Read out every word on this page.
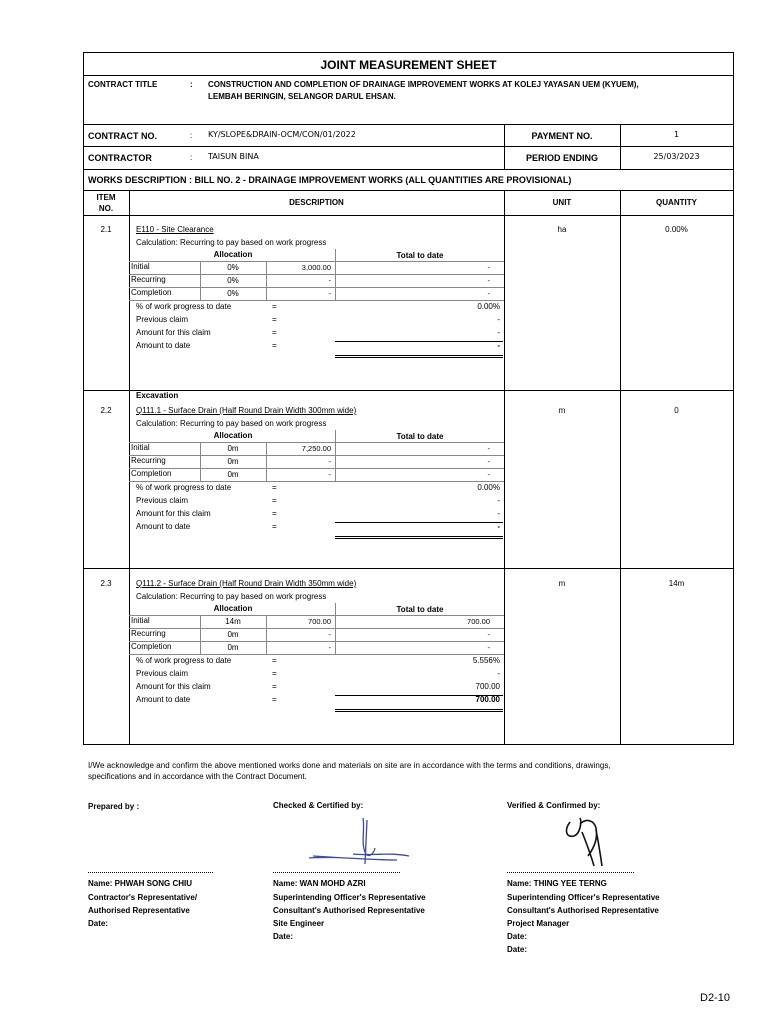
JOINT MEASUREMENT SHEET
CONTRACT TITLE	: CONSTRUCTION AND COMPLETION OF DRAINAGE IMPROVEMENT WORKS AT KOLEJ YAYASAN UEM (KYUEM),
LEMBAH BERINGIN, SELANGOR DARUL EHSAN.
CONTRACT NO.	: KY/SLOPE&DRAIN-OCM/CON/01/2022	PAYMENT NO.	1
CONTRACTOR	: TAISUN BINA	PERIOD ENDING	25/03/2023
WORKS DESCRIPTION : BILL NO. 2 - DRAINAGE IMPROVEMENT WORKS (ALL QUANTITIES ARE PROVISIONAL)
ITEM
NO.
DESCRIPTION	UNIT	QUANTITY
2.1	E110 - Site Clearance	ha	0.00%
Calculation: Recurring to pay based on work progress
Allocation	Total to date
Initial	0%	3,000.00	-
Recurring	0%	-	-
Completion	0%	-	-
% of work progress to date	=	0.00%
Previous claim	=	-
Amount for this claim	=	-
Amount to date	=	-
Excavation
2.2	Q111.1 - Surface Drain (Half Round Drain Width 300mm wide)	m	0
Calculation: Recurring to pay based on work progress
Allocation	Total to date
Initial	0m	7,250.00	-
Recurring	0m	-	-
Completion	0m	-	-
% of work progress to date	=	0.00%
Previous claim	=	-
Amount for this claim	=	-
Amount to date	=	-
2.3	Q111.2 - Surface Drain (Half Round Drain Width 350mm wide)	m	14m
Calculation: Recurring to pay based on work progress
Allocation	Total to date
Initial	14m	700.00	700.00
Recurring	0m	-	-
Completion	0m	-	-
% of work progress to date	=	5.556%
Previous claim	=	-
Amount for this claim	=	700.00
Amount to date	=	700.00
I/We acknowledge and confirm the above mentioned works done and materials on site are in accordance with the terms and conditions, drawings,
specifications and in accordance with the Contract Document.
Prepared by :	Checked & Certified by:	Verified & Confirmed by:
Name: PHWAH SONG CHIU
Contractor's Representative/
Authorised Representative
Date:
Name: WAN MOHD AZRI
Superintending Officer's Representative
Consultant's Authorised Representative
Site Engineer
Date:
Name: THING YEE TERNG
Superintending Officer's Representative
Consultant's Authorised Representative
Project Manager
Date:
Date:
D2-10
